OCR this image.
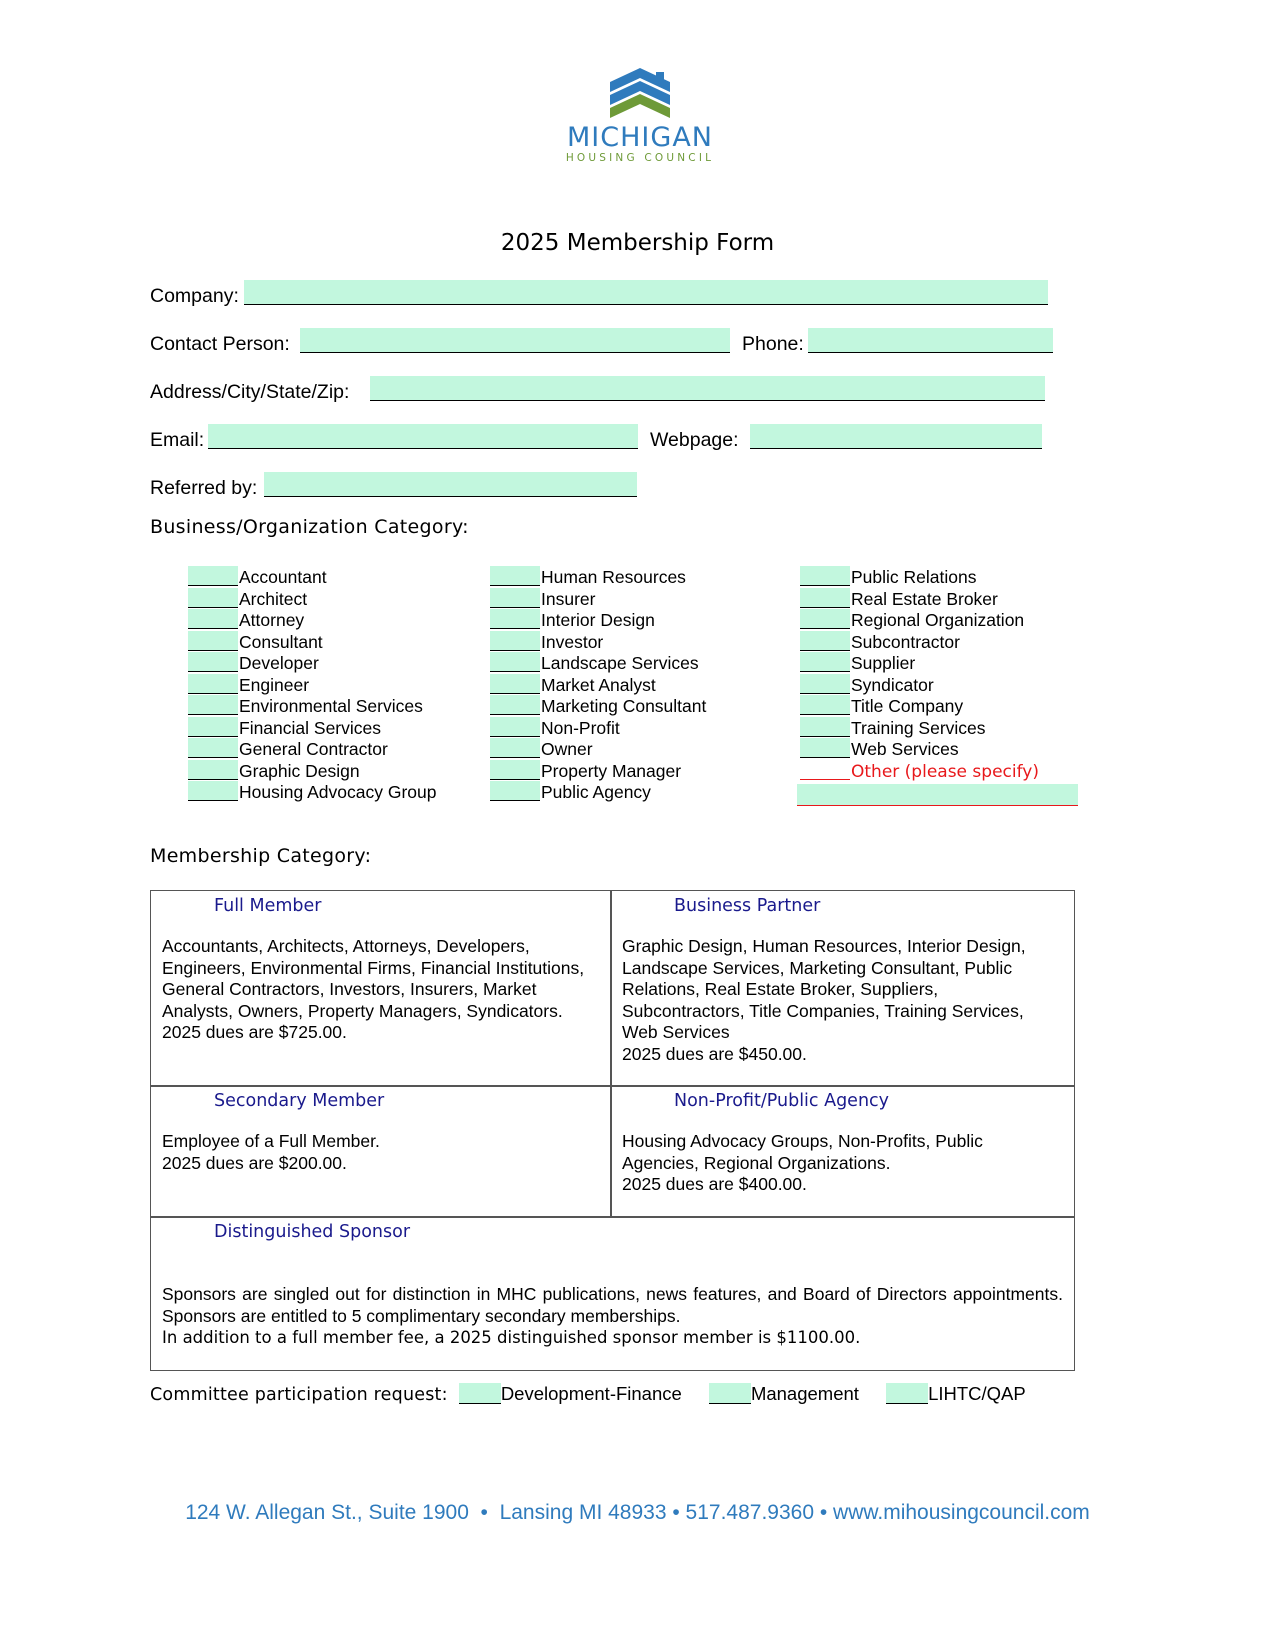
MICHIGAN
HOUSING COUNCIL
2025 Membership Form
Company:
Contact Person:	Phone:
Address/City/State/Zip:
Email:	Webpage:
Referred by:
Business/Organization Category:
Accountant
Architect
Attorney
Consultant
Developer
Engineer
Environmental Services
Financial Services
General Contractor
Graphic Design
Housing Advocacy Group
Human Resources
Insurer
Interior Design
Investor
Landscape Services
Market Analyst
Marketing Consultant
Non-Profit
Owner
Property Manager
Public Agency
Public Relations
Real Estate Broker
Regional Organization
Subcontractor
Supplier
Syndicator
Title Company
Training Services
Web Services
Other (please specify)
Membership Category:
Full Member
Accountants, Architects, Attorneys, Developers, Engineers, Environmental Firms, Financial Institutions, General Contractors, Investors, Insurers, Market Analysts, Owners, Property Managers, Syndicators.
2025 dues are $725.00.
Business Partner
Graphic Design, Human Resources, Interior Design, Landscape Services, Marketing Consultant, Public Relations, Real Estate Broker, Suppliers, Subcontractors, Title Companies, Training Services, Web Services
2025 dues are $450.00.
Secondary Member
Employee of a Full Member.
2025 dues are $200.00.
Non-Profit/Public Agency
Housing Advocacy Groups, Non-Profits, Public Agencies, Regional Organizations.
2025 dues are $400.00.
Distinguished Sponsor
Sponsors are singled out for distinction in MHC publications, news features, and Board of Directors appointments. Sponsors are entitled to 5 complimentary secondary memberships.
In addition to a full member fee, a 2025 distinguished sponsor member is $1100.00.
Committee participation request:	Development-Finance	Management	LIHTC/QAP
124 W. Allegan St., Suite 1900  •  Lansing MI 48933 • 517.487.9360 • www.mihousingcouncil.com
